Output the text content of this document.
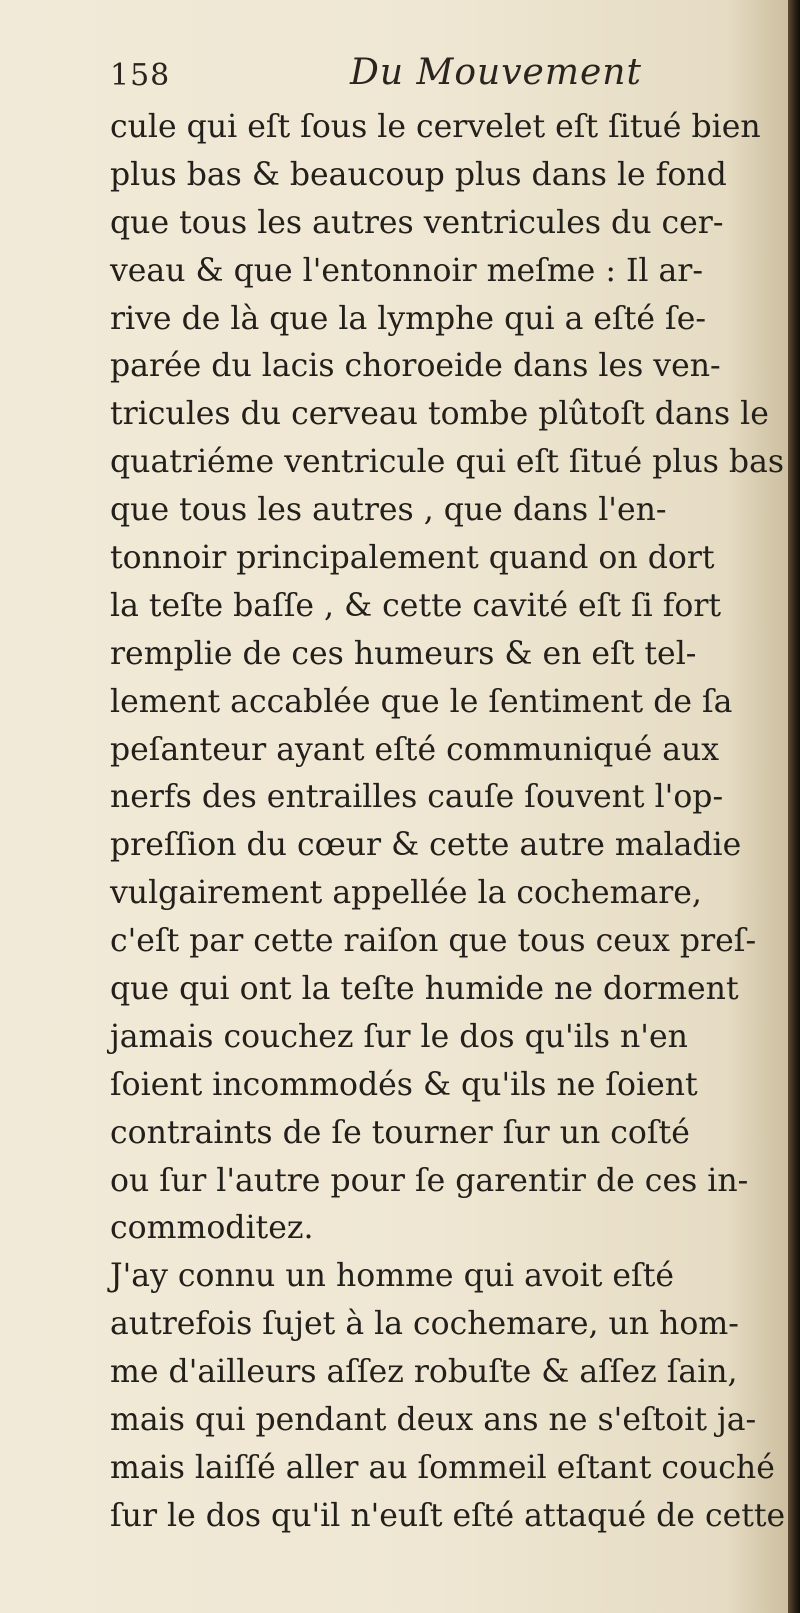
158	Du Mouvement
cule qui eſt ſous le cervelet eſt ſitué bien
plus bas & beaucoup plus dans le fond
que tous les autres ventricules du cer-
veau & que l'entonnoir meſme : Il ar-
rive de là que la lymphe qui a eſté ſe-
parée du lacis choroeide dans les ven-
tricules du cerveau tombe plûtoſt dans le
quatriéme ventricule qui eſt ſitué plus bas
que tous les autres , que dans l'en-
tonnoir principalement quand on dort
la teſte baſſe , & cette cavité eſt ſi fort
remplie de ces humeurs & en eſt tel-
lement accablée que le ſentiment de ſa
peſanteur ayant eſté communiqué aux
nerfs des entrailles cauſe ſouvent l'op-
preſſion du cœur & cette autre maladie
vulgairement appellée la cochemare,
c'eſt par cette raiſon que tous ceux preſ-
que qui ont la teſte humide ne dorment
jamais couchez ſur le dos qu'ils n'en
ſoient incommodés & qu'ils ne ſoient
contraints de ſe tourner ſur un coſté
ou ſur l'autre pour ſe garentir de ces in-
commoditez.
J'ay connu un homme qui avoit eſté
autrefois ſujet à la cochemare, un hom-
me d'ailleurs aſſez robuſte & aſſez ſain,
mais qui pendant deux ans ne s'eſtoit ja-
mais laiſſé aller au ſommeil eſtant couché
ſur le dos qu'il n'euſt eſté attaqué de cette
